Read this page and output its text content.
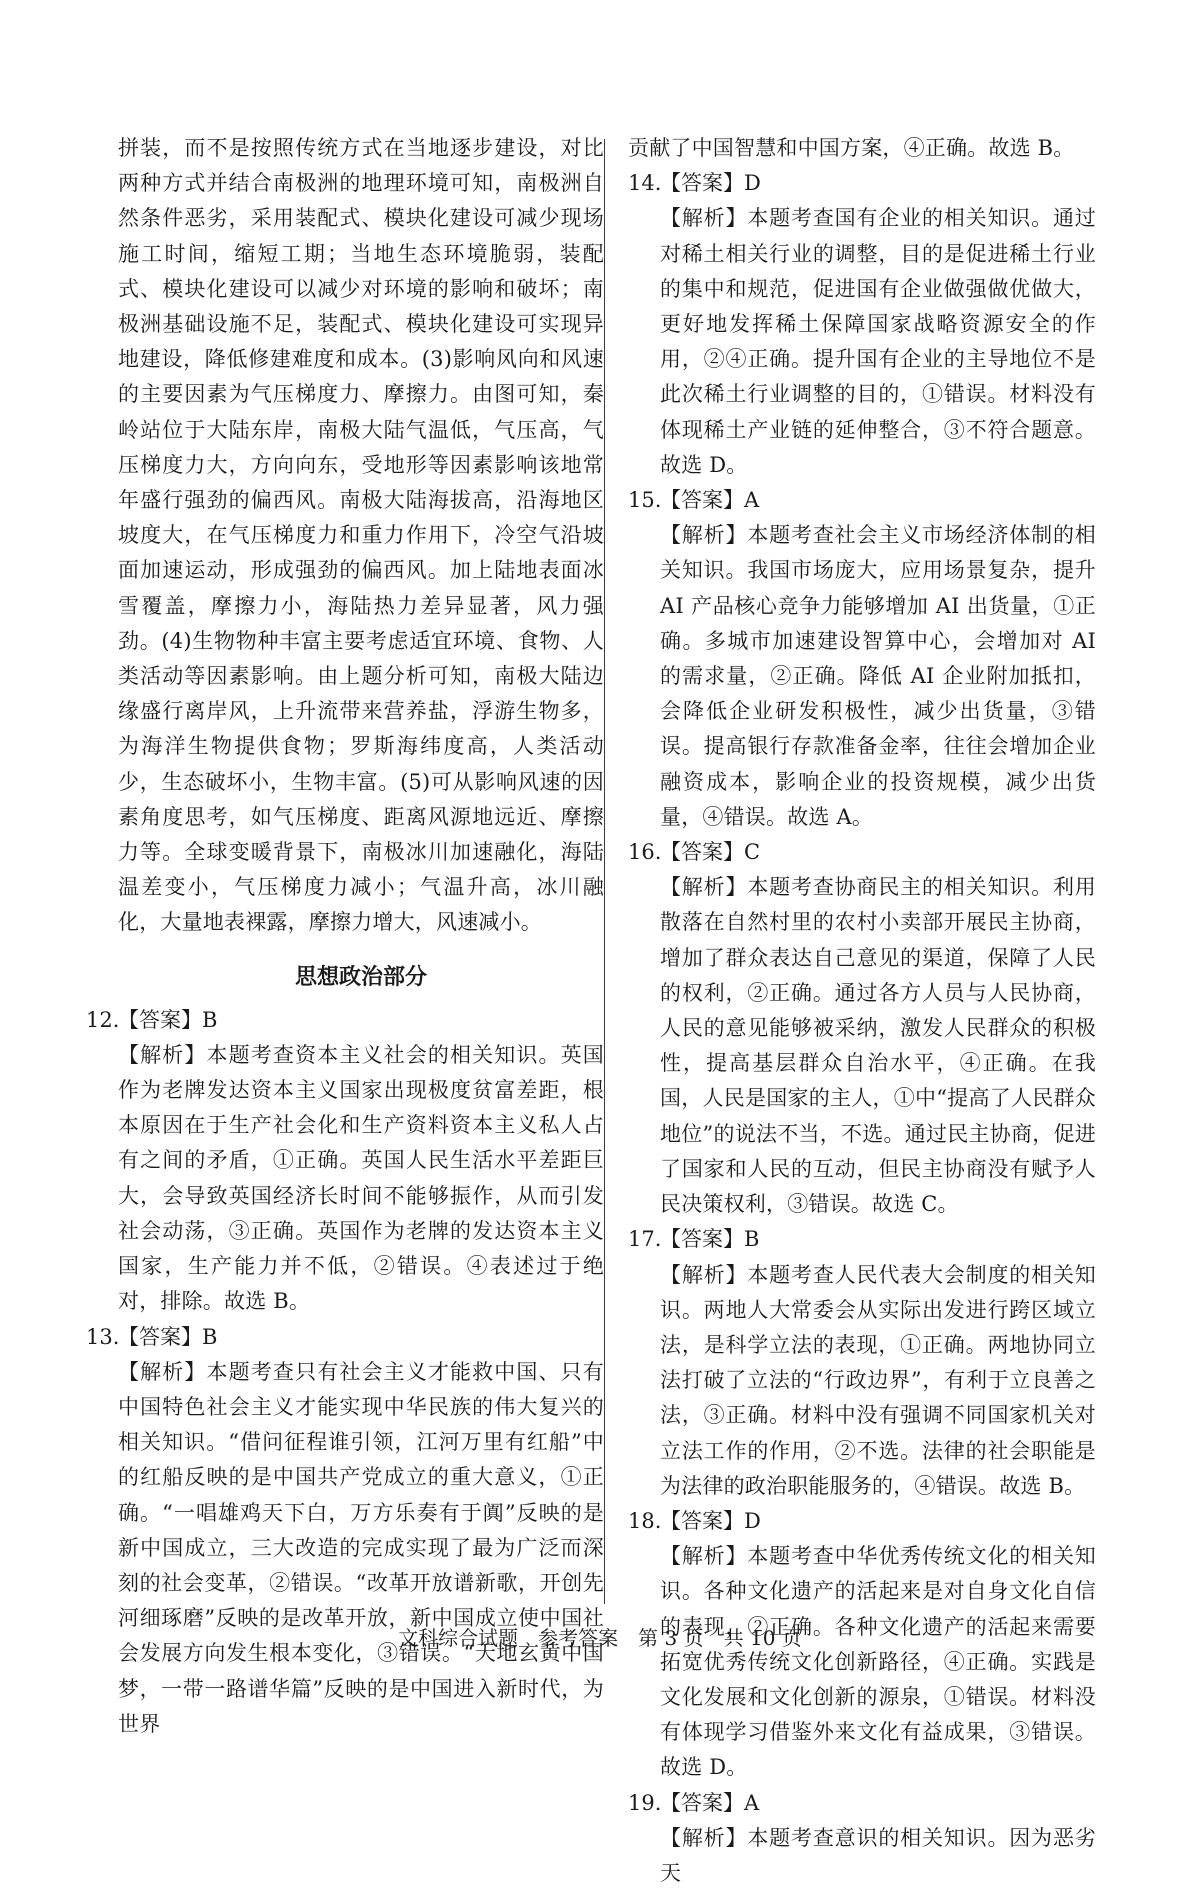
拼装，而不是按照传统方式在当地逐步建设，对比两种方式并结合南极洲的地理环境可知，南极洲自然条件恶劣，采用装配式、模块化建设可减少现场施工时间，缩短工期；当地生态环境脆弱，装配式、模块化建设可以减少对环境的影响和破坏；南极洲基础设施不足，装配式、模块化建设可实现异地建设，降低修建难度和成本。(3)影响风向和风速的主要因素为气压梯度力、摩擦力。由图可知，秦岭站位于大陆东岸，南极大陆气温低，气压高，气压梯度力大，方向向东，受地形等因素影响该地常年盛行强劲的偏西风。南极大陆海拔高，沿海地区坡度大，在气压梯度力和重力作用下，冷空气沿坡面加速运动，形成强劲的偏西风。加上陆地表面冰雪覆盖，摩擦力小，海陆热力差异显著，风力强劲。(4)生物物种丰富主要考虑适宜环境、食物、人类活动等因素影响。由上题分析可知，南极大陆边缘盛行离岸风，上升流带来营养盐，浮游生物多，为海洋生物提供食物；罗斯海纬度高，人类活动少，生态破坏小，生物丰富。(5)可从影响风速的因素角度思考，如气压梯度、距离风源地远近、摩擦力等。全球变暖背景下，南极冰川加速融化，海陆温差变小，气压梯度力减小；气温升高，冰川融化，大量地表裸露，摩擦力增大，风速减小。

思想政治部分
12.
【答案】 B

【解析】本题考查资本主义社会的相关知识。英国作为老牌发达资本主义国家出现极度贫富差距，根本原因在于生产社会化和生产资料资本主义私人占有之间的矛盾，①正确。英国人民生活水平差距巨大，会导致英国经济长时间不能够振作，从而引发社会动荡，③正确。英国作为老牌的发达资本主义国家，生产能力并不低，②错误。④表述过于绝对，排除。故选 B。

13.
【答案】 B

【解析】本题考查只有社会主义才能救中国、只有中国特色社会主义才能实现中华民族的伟大复兴的相关知识。“借问征程谁引领，江河万里有红船”中的红船反映的是中国共产党成立的重大意义，①正确。“一唱雄鸡天下白，万方乐奏有于阗”反映的是新中国成立，三大改造的完成实现了最为广泛而深刻的社会变革，②错误。“改革开放谱新歌，开创先河细琢磨”反映的是改革开放，新中国成立使中国社会发展方向发生根本变化，③错误。“天地玄黄中国梦，一带一路谱华篇”反映的是中国进入新时代，为世界

贡献了中国智慧和中国方案，④正确。故选 B。

14.
【答案】 D

【解析】本题考查国有企业的相关知识。通过对稀土相关行业的调整，目的是促进稀土行业的集中和规范，促进国有企业做强做优做大，更好地发挥稀土保障国家战略资源安全的作用，②④正确。提升国有企业的主导地位不是此次稀土行业调整的目的，①错误。材料没有体现稀土产业链的延伸整合，③不符合题意。故选 D。

15.
【答案】 A

【解析】本题考查社会主义市场经济体制的相关知识。我国市场庞大，应用场景复杂，提升 AI 产品核心竞争力能够增加 AI 出货量，①正确。多城市加速建设智算中心，会增加对 AI 的需求量，②正确。降低 AI 企业附加抵扣，会降低企业研发积极性，减少出货量，③错误。提高银行存款准备金率，往往会增加企业融资成本，影响企业的投资规模，减少出货量，④错误。故选 A。

16.
【答案】 C

【解析】本题考查协商民主的相关知识。利用散落在自然村里的农村小卖部开展民主协商，增加了群众表达自己意见的渠道，保障了人民的权利，②正确。通过各方人员与人民协商，人民的意见能够被采纳，激发人民群众的积极性，提高基层群众自治水平，④正确。在我国，人民是国家的主人，①中“提高了人民群众地位”的说法不当，不选。通过民主协商，促进了国家和人民的互动，但民主协商没有赋予人民决策权利，③错误。故选 C。

17.
【答案】 B

【解析】本题考查人民代表大会制度的相关知识。两地人大常委会从实际出发进行跨区域立法，是科学立法的表现，①正确。两地协同立法打破了立法的“行政边界”，有利于立良善之法，③正确。材料中没有强调不同国家机关对立法工作的作用，②不选。法律的社会职能是为法律的政治职能服务的，④错误。故选 B。

18.
【答案】 D

【解析】本题考查中华优秀传统文化的相关知识。各种文化遗产的活起来是对自身文化自信的表现，②正确。各种文化遗产的活起来需要拓宽优秀传统文化创新路径，④正确。实践是文化发展和文化创新的源泉，①错误。材料没有体现学习借鉴外来文化有益成果，③错误。故选 D。

19.
【答案】 A

【解析】本题考查意识的相关知识。因为恶劣天

文科综合试题　参考答案　第 3 页　共 10 页
